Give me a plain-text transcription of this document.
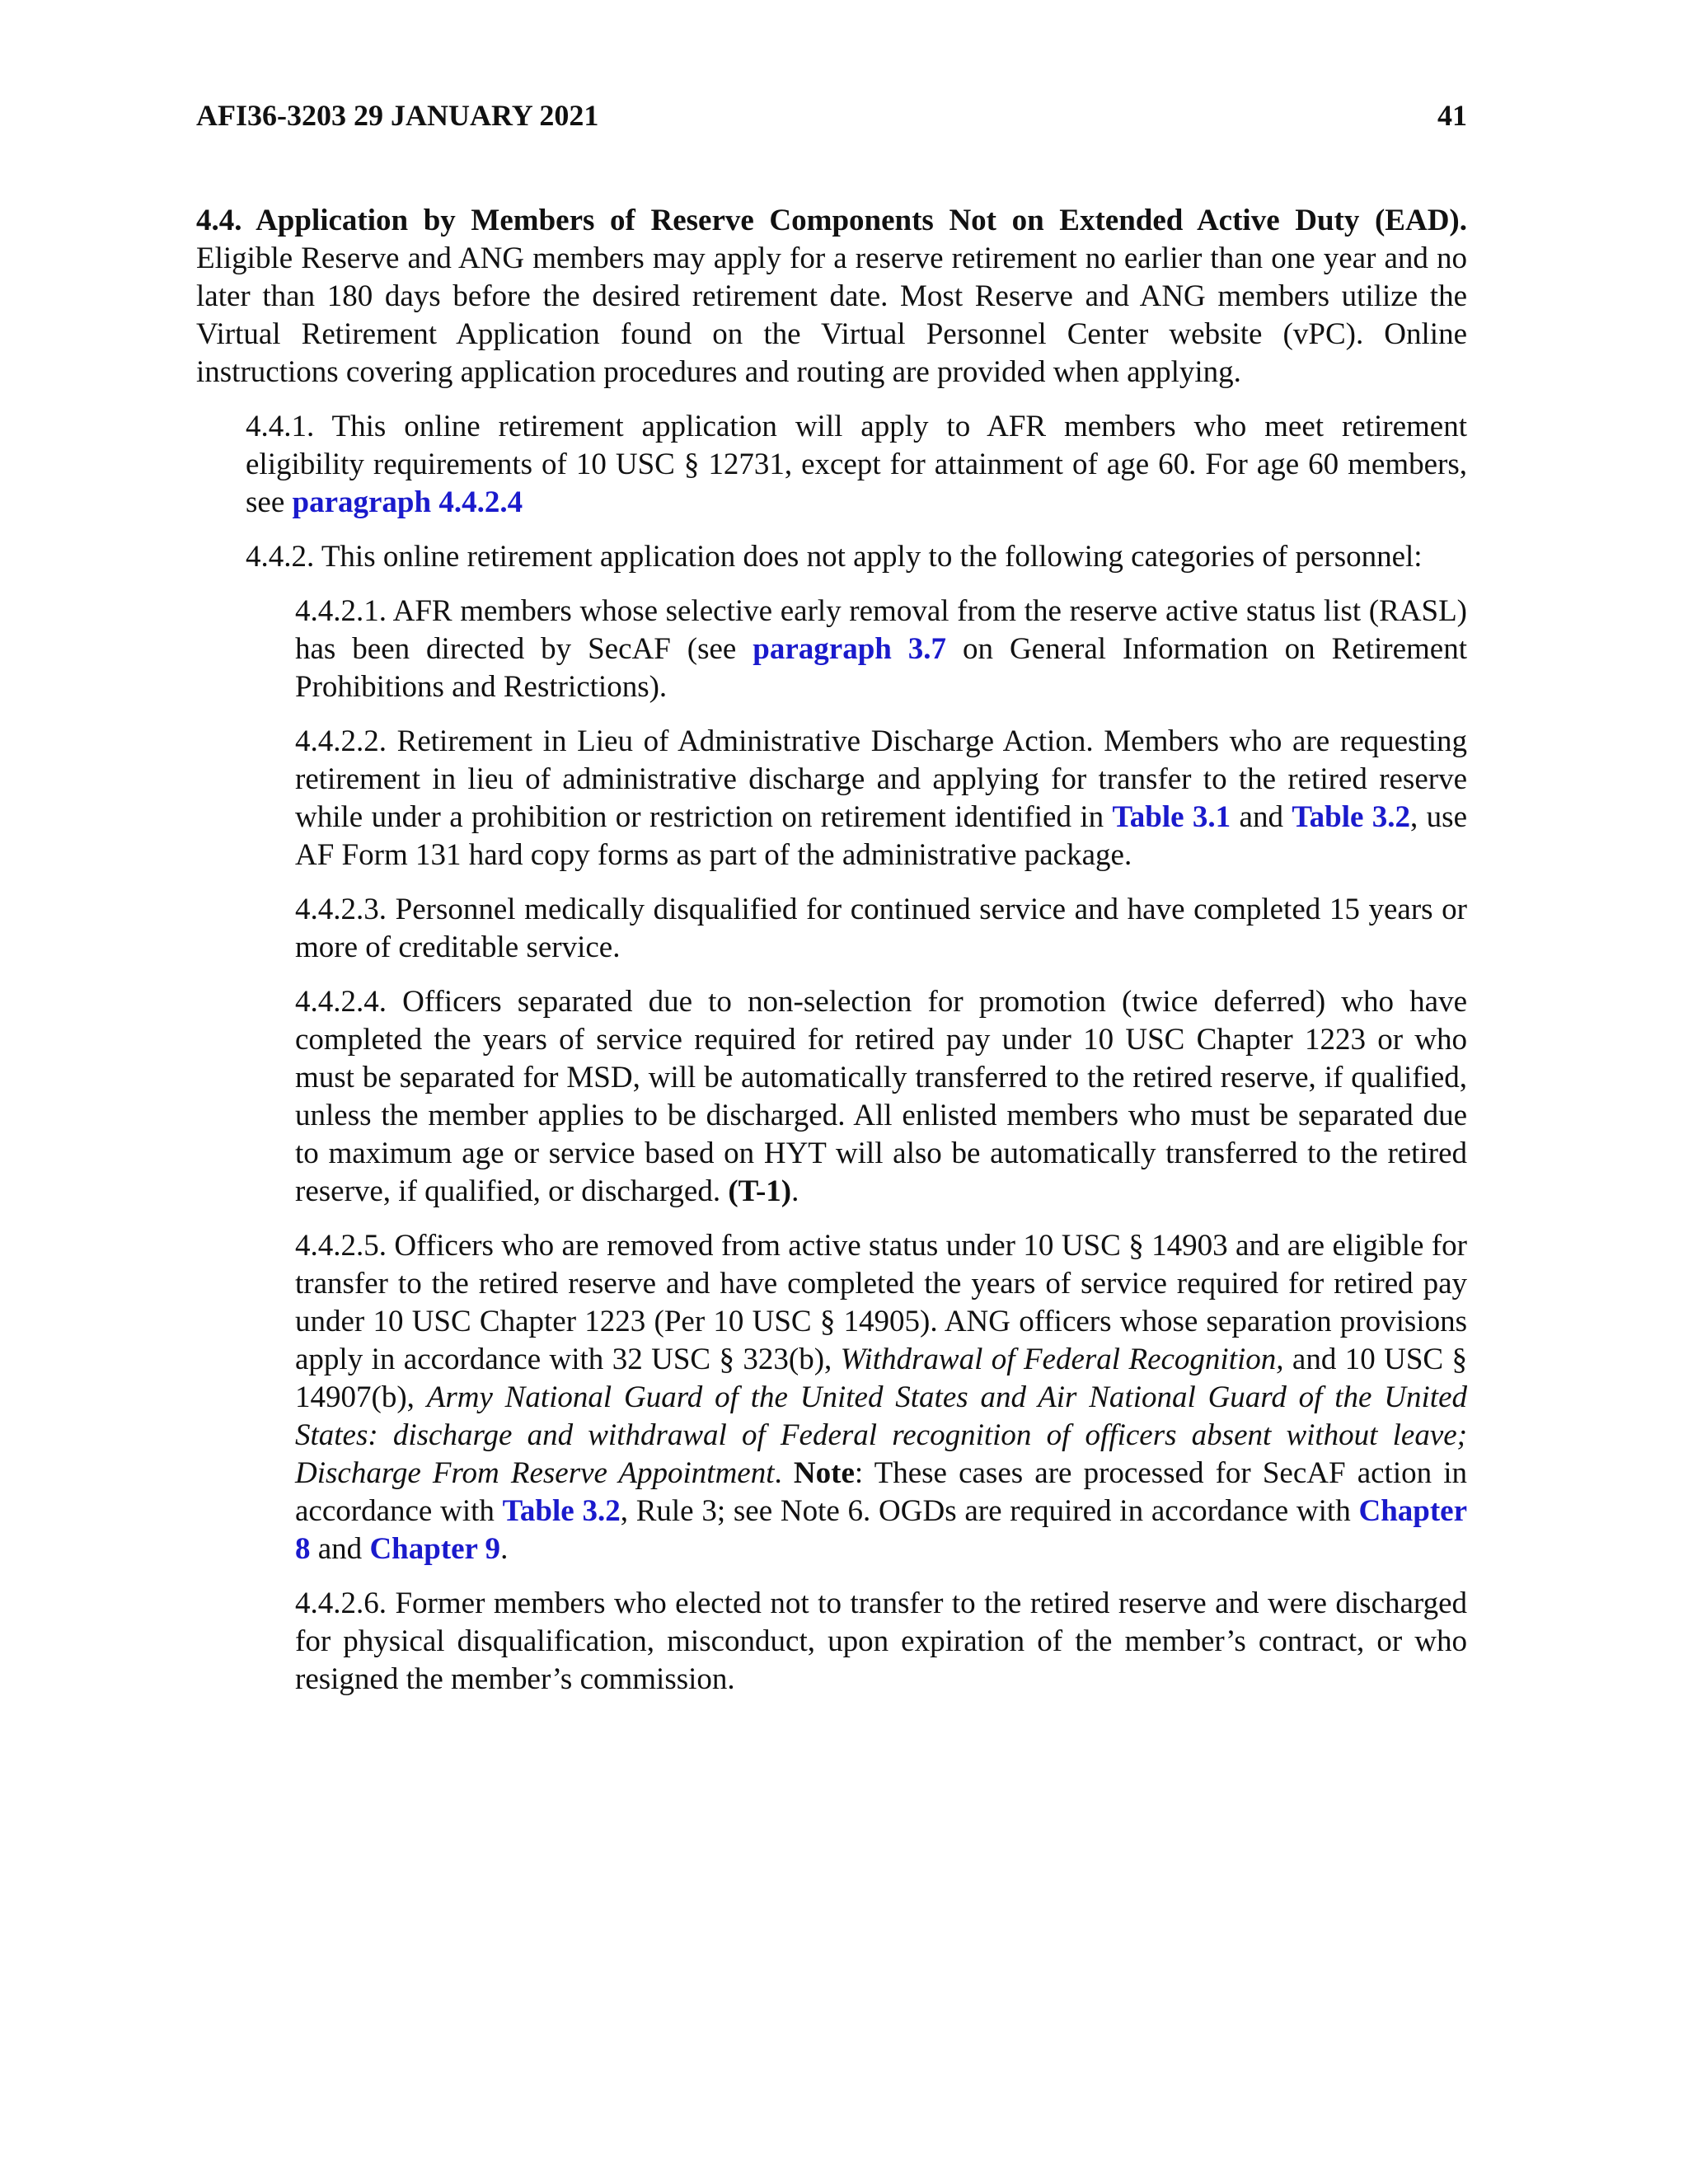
AFI36-3203 29 JANUARY 2021	41

4.4. Application by Members of Reserve Components Not on Extended Active Duty (EAD). Eligible Reserve and ANG members may apply for a reserve retirement no earlier than one year and no later than 180 days before the desired retirement date. Most Reserve and ANG members utilize the Virtual Retirement Application found on the Virtual Personnel Center website (vPC). Online instructions covering application procedures and routing are provided when applying.

4.4.1. This online retirement application will apply to AFR members who meet retirement eligibility requirements of 10 USC § 12731, except for attainment of age 60. For age 60 members, see paragraph 4.4.2.4

4.4.2. This online retirement application does not apply to the following categories of personnel:

4.4.2.1. AFR members whose selective early removal from the reserve active status list (RASL) has been directed by SecAF (see paragraph 3.7 on General Information on Retirement Prohibitions and Restrictions).

4.4.2.2. Retirement in Lieu of Administrative Discharge Action. Members who are requesting retirement in lieu of administrative discharge and applying for transfer to the retired reserve while under a prohibition or restriction on retirement identified in Table 3.1 and Table 3.2, use AF Form 131 hard copy forms as part of the administrative package.

4.4.2.3. Personnel medically disqualified for continued service and have completed 15 years or more of creditable service.

4.4.2.4. Officers separated due to non-selection for promotion (twice deferred) who have completed the years of service required for retired pay under 10 USC Chapter 1223 or who must be separated for MSD, will be automatically transferred to the retired reserve, if qualified, unless the member applies to be discharged. All enlisted members who must be separated due to maximum age or service based on HYT will also be automatically transferred to the retired reserve, if qualified, or discharged. (T-1).

4.4.2.5. Officers who are removed from active status under 10 USC § 14903 and are eligible for transfer to the retired reserve and have completed the years of service required for retired pay under 10 USC Chapter 1223 (Per 10 USC § 14905). ANG officers whose separation provisions apply in accordance with 32 USC § 323(b), Withdrawal of Federal Recognition, and 10 USC § 14907(b), Army National Guard of the United States and Air National Guard of the United States: discharge and withdrawal of Federal recognition of officers absent without leave; Discharge From Reserve Appointment. Note: These cases are processed for SecAF action in accordance with Table 3.2, Rule 3; see Note 6. OGDs are required in accordance with Chapter 8 and Chapter 9.

4.4.2.6. Former members who elected not to transfer to the retired reserve and were discharged for physical disqualification, misconduct, upon expiration of the member’s contract, or who resigned the member’s commission.
